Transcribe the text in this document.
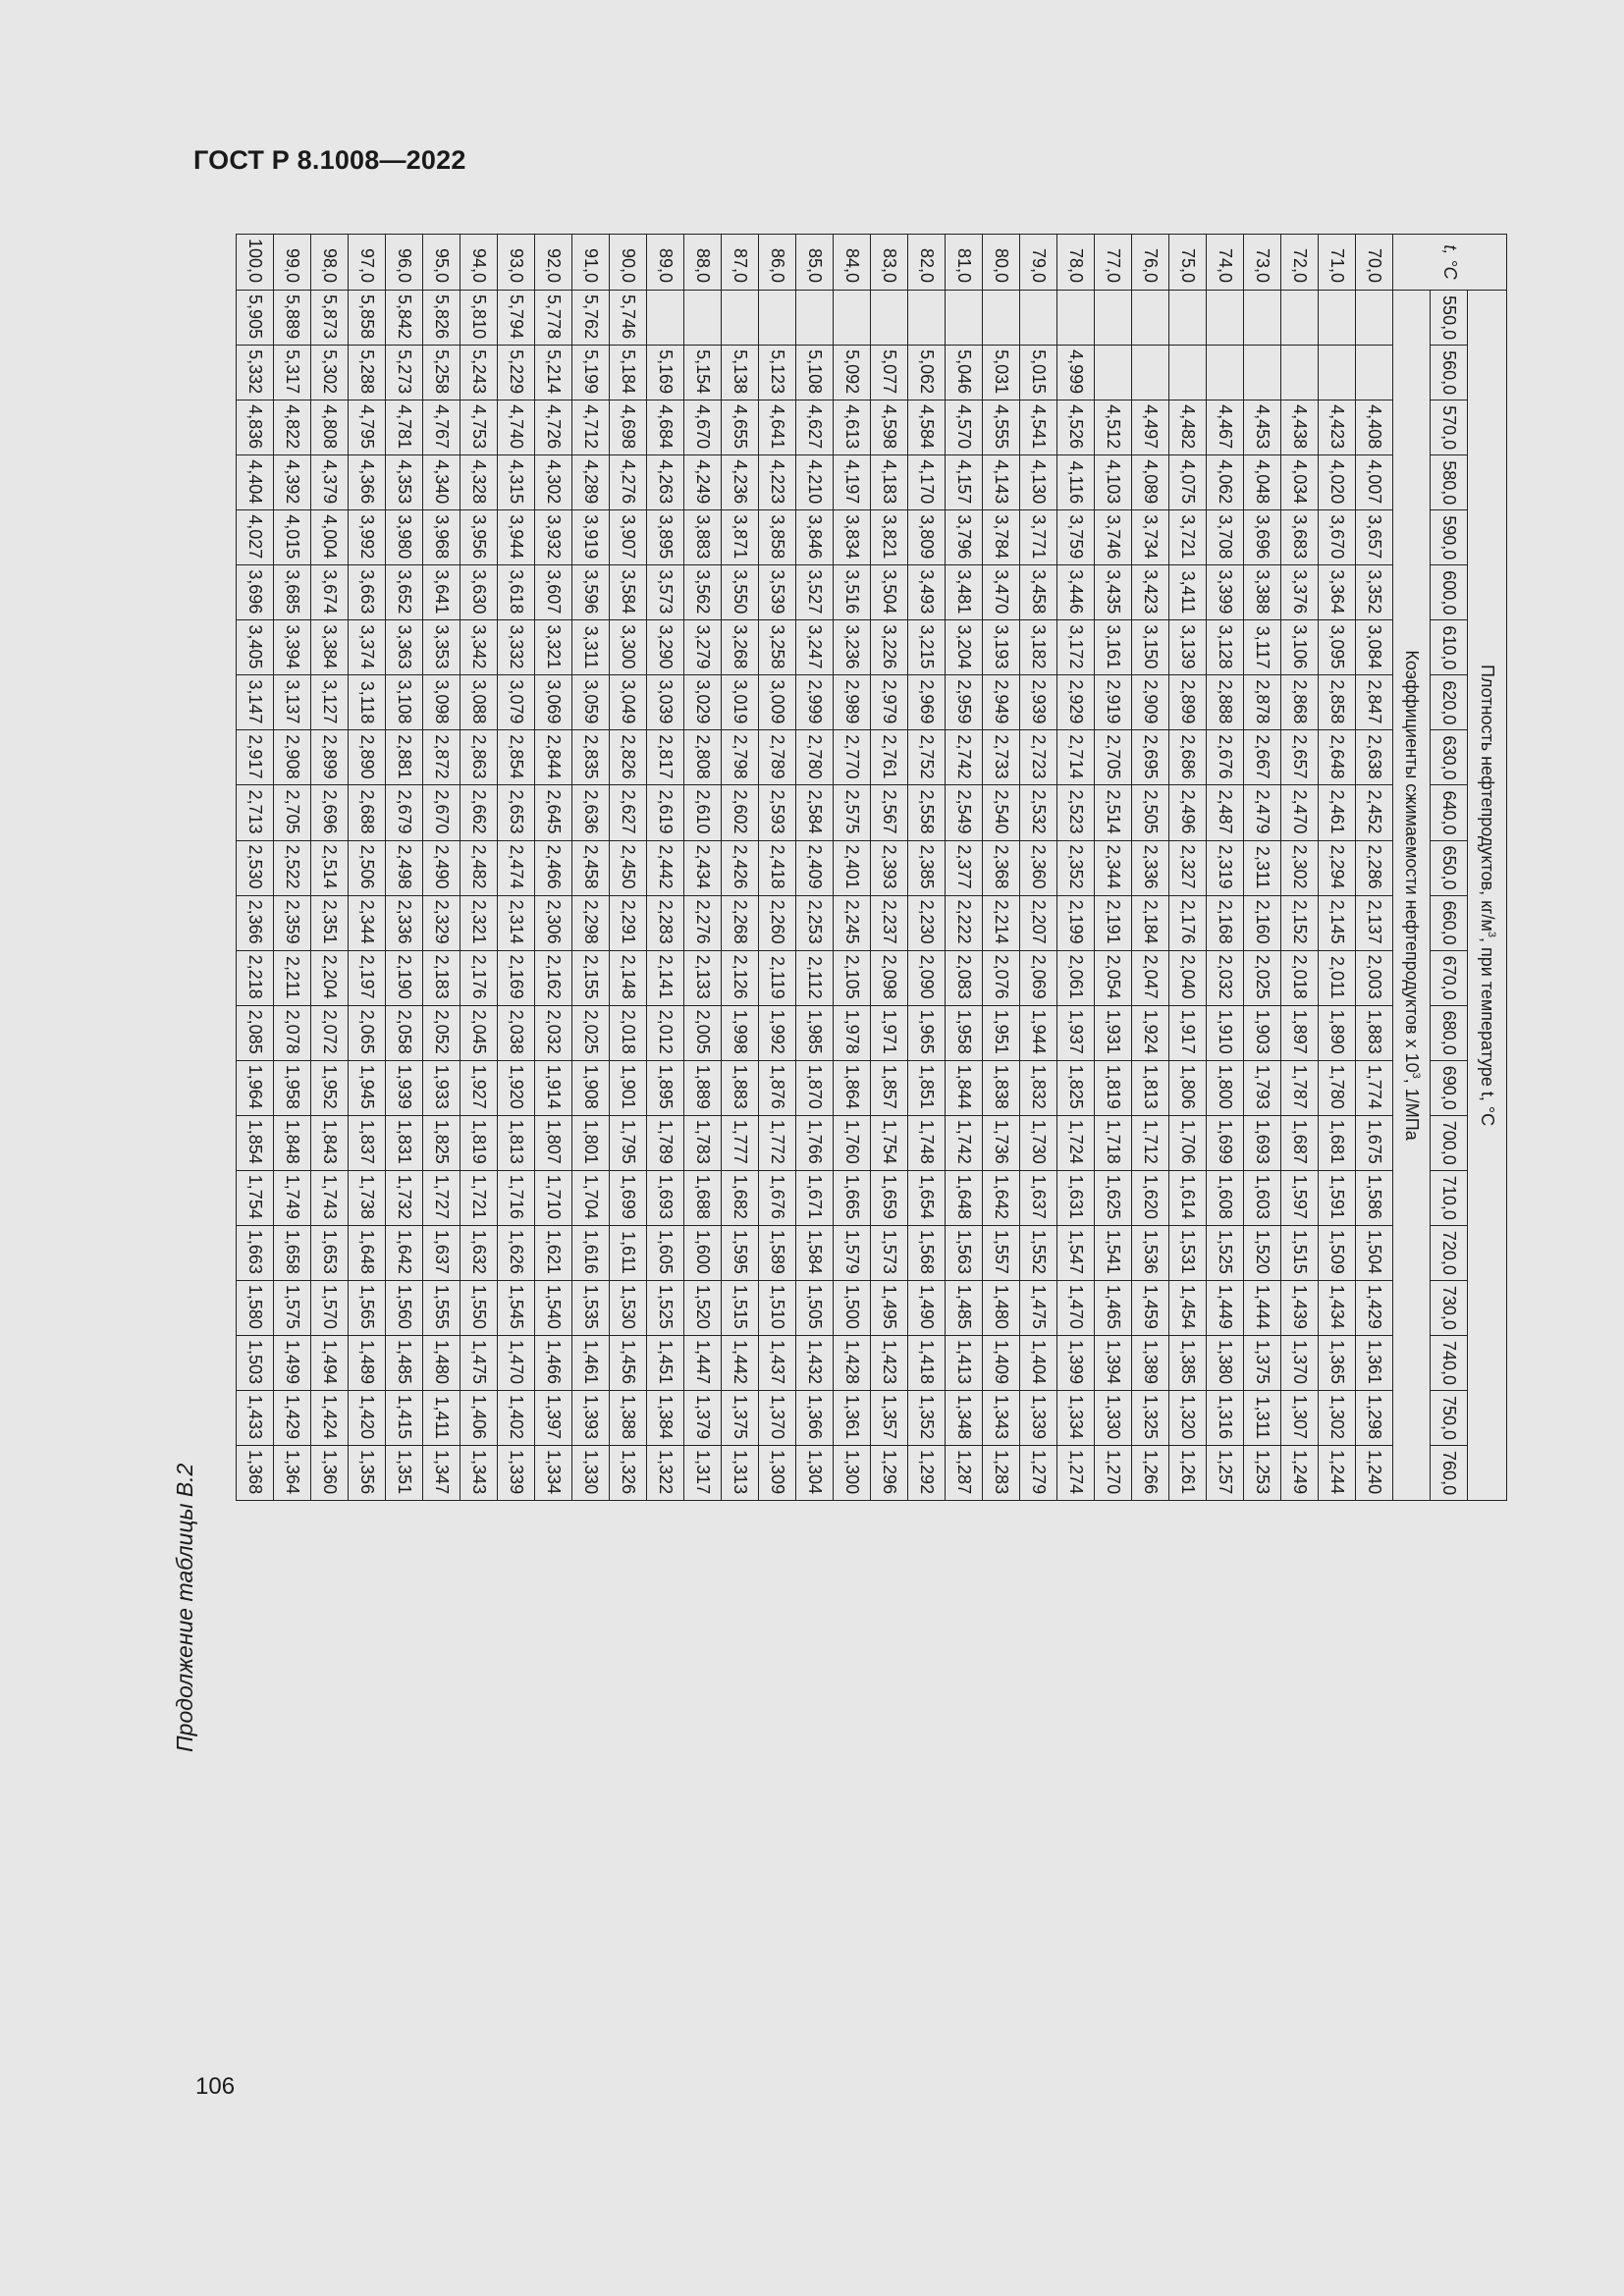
ГОСТ Р 8.1008—2022
Продолжение таблицы В.2
t, °C	Плотность нефтепродуктов, $кг/м^3$, при температуре t, °C																					
	550,0	560,0	570,0	580,0	590,0	600,0	610,0	620,0	630,0	640,0	650,0	660,0	670,0	680,0	690,0	700,0	710,0	720,0	730,0	740,0	750,0	760,0
	Коэффициенты сжимаемости нефтепродуктов x $10^3$, 1/МПа																					
70,0			4,408	4,007	3,657	3,352	3,084	2,847	2,638	2,452	2,286	2,137	2,003	1,883	1,774	1,675	1,586	1,504	1,429	1,361	1,298	1,240
71,0			4,423	4,020	3,670	3,364	3,095	2,858	2,648	2,461	2,294	2,145	2,011	1,890	1,780	1,681	1,591	1,509	1,434	1,365	1,302	1,244
72,0			4,438	4,034	3,683	3,376	3,106	2,868	2,657	2,470	2,302	2,152	2,018	1,897	1,787	1,687	1,597	1,515	1,439	1,370	1,307	1,249
73,0			4,453	4,048	3,696	3,388	3,117	2,878	2,667	2,479	2,311	2,160	2,025	1,903	1,793	1,693	1,603	1,520	1,444	1,375	1,311	1,253
74,0			4,467	4,062	3,708	3,399	3,128	2,888	2,676	2,487	2,319	2,168	2,032	1,910	1,800	1,699	1,608	1,525	1,449	1,380	1,316	1,257
75,0			4,482	4,075	3,721	3,411	3,139	2,899	2,686	2,496	2,327	2,176	2,040	1,917	1,806	1,706	1,614	1,531	1,454	1,385	1,320	1,261
76,0			4,497	4,089	3,734	3,423	3,150	2,909	2,695	2,505	2,336	2,184	2,047	1,924	1,813	1,712	1,620	1,536	1,459	1,389	1,325	1,266
77,0			4,512	4,103	3,746	3,435	3,161	2,919	2,705	2,514	2,344	2,191	2,054	1,931	1,819	1,718	1,625	1,541	1,465	1,394	1,330	1,270
78,0		4,999	4,526	4,116	3,759	3,446	3,172	2,929	2,714	2,523	2,352	2,199	2,061	1,937	1,825	1,724	1,631	1,547	1,470	1,399	1,334	1,274
79,0		5,015	4,541	4,130	3,771	3,458	3,182	2,939	2,723	2,532	2,360	2,207	2,069	1,944	1,832	1,730	1,637	1,552	1,475	1,404	1,339	1,279
80,0		5,031	4,555	4,143	3,784	3,470	3,193	2,949	2,733	2,540	2,368	2,214	2,076	1,951	1,838	1,736	1,642	1,557	1,480	1,409	1,343	1,283
81,0		5,046	4,570	4,157	3,796	3,481	3,204	2,959	2,742	2,549	2,377	2,222	2,083	1,958	1,844	1,742	1,648	1,563	1,485	1,413	1,348	1,287
82,0		5,062	4,584	4,170	3,809	3,493	3,215	2,969	2,752	2,558	2,385	2,230	2,090	1,965	1,851	1,748	1,654	1,568	1,490	1,418	1,352	1,292
83,0		5,077	4,598	4,183	3,821	3,504	3,226	2,979	2,761	2,567	2,393	2,237	2,098	1,971	1,857	1,754	1,659	1,573	1,495	1,423	1,357	1,296
84,0		5,092	4,613	4,197	3,834	3,516	3,236	2,989	2,770	2,575	2,401	2,245	2,105	1,978	1,864	1,760	1,665	1,579	1,500	1,428	1,361	1,300
85,0		5,108	4,627	4,210	3,846	3,527	3,247	2,999	2,780	2,584	2,409	2,253	2,112	1,985	1,870	1,766	1,671	1,584	1,505	1,432	1,366	1,304
86,0		5,123	4,641	4,223	3,858	3,539	3,258	3,009	2,789	2,593	2,418	2,260	2,119	1,992	1,876	1,772	1,676	1,589	1,510	1,437	1,370	1,309
87,0		5,138	4,655	4,236	3,871	3,550	3,268	3,019	2,798	2,602	2,426	2,268	2,126	1,998	1,883	1,777	1,682	1,595	1,515	1,442	1,375	1,313
88,0		5,154	4,670	4,249	3,883	3,562	3,279	3,029	2,808	2,610	2,434	2,276	2,133	2,005	1,889	1,783	1,688	1,600	1,520	1,447	1,379	1,317
89,0		5,169	4,684	4,263	3,895	3,573	3,290	3,039	2,817	2,619	2,442	2,283	2,141	2,012	1,895	1,789	1,693	1,605	1,525	1,451	1,384	1,322
90,0	5,746	5,184	4,698	4,276	3,907	3,584	3,300	3,049	2,826	2,627	2,450	2,291	2,148	2,018	1,901	1,795	1,699	1,611	1,530	1,456	1,388	1,326
91,0	5,762	5,199	4,712	4,289	3,919	3,596	3,311	3,059	2,835	2,636	2,458	2,298	2,155	2,025	1,908	1,801	1,704	1,616	1,535	1,461	1,393	1,330
92,0	5,778	5,214	4,726	4,302	3,932	3,607	3,321	3,069	2,844	2,645	2,466	2,306	2,162	2,032	1,914	1,807	1,710	1,621	1,540	1,466	1,397	1,334
93,0	5,794	5,229	4,740	4,315	3,944	3,618	3,332	3,079	2,854	2,653	2,474	2,314	2,169	2,038	1,920	1,813	1,716	1,626	1,545	1,470	1,402	1,339
94,0	5,810	5,243	4,753	4,328	3,956	3,630	3,342	3,088	2,863	2,662	2,482	2,321	2,176	2,045	1,927	1,819	1,721	1,632	1,550	1,475	1,406	1,343
95,0	5,826	5,258	4,767	4,340	3,968	3,641	3,353	3,098	2,872	2,670	2,490	2,329	2,183	2,052	1,933	1,825	1,727	1,637	1,555	1,480	1,411	1,347
96,0	5,842	5,273	4,781	4,353	3,980	3,652	3,363	3,108	2,881	2,679	2,498	2,336	2,190	2,058	1,939	1,831	1,732	1,642	1,560	1,485	1,415	1,351
97,0	5,858	5,288	4,795	4,366	3,992	3,663	3,374	3,118	2,890	2,688	2,506	2,344	2,197	2,065	1,945	1,837	1,738	1,648	1,565	1,489	1,420	1,356
98,0	5,873	5,302	4,808	4,379	4,004	3,674	3,384	3,127	2,899	2,696	2,514	2,351	2,204	2,072	1,952	1,843	1,743	1,653	1,570	1,494	1,424	1,360
99,0	5,889	5,317	4,822	4,392	4,015	3,685	3,394	3,137	2,908	2,705	2,522	2,359	2,211	2,078	1,958	1,848	1,749	1,658	1,575	1,499	1,429	1,364
100,0	5,905	5,332	4,836	4,404	4,027	3,696	3,405	3,147	2,917	2,713	2,530	2,366	2,218	2,085	1,964	1,854	1,754	1,663	1,580	1,503	1,433	1,368
106
